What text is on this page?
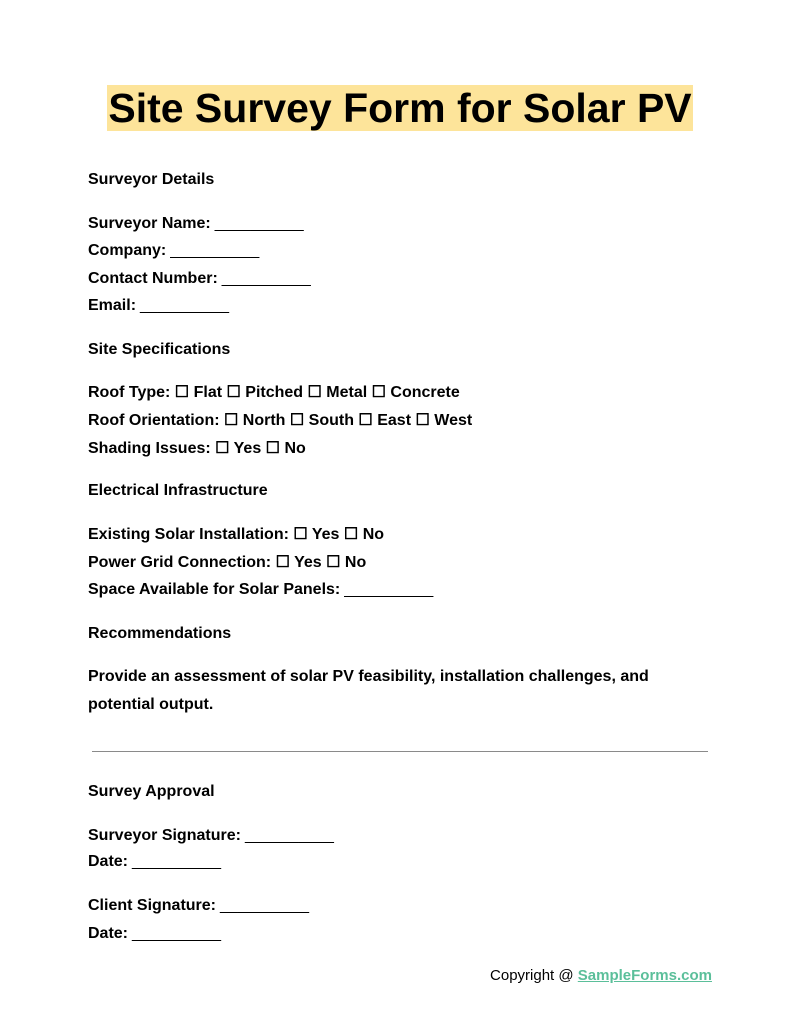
Site Survey Form for Solar PV
Surveyor Details
Surveyor Name: __________
Company: __________
Contact Number: __________
Email: __________
Site Specifications
Roof Type: ☐ Flat ☐ Pitched ☐ Metal ☐ Concrete
Roof Orientation: ☐ North ☐ South ☐ East ☐ West
Shading Issues: ☐ Yes ☐ No
Electrical Infrastructure
Existing Solar Installation: ☐ Yes ☐ No
Power Grid Connection: ☐ Yes ☐ No
Space Available for Solar Panels: __________
Recommendations
Provide an assessment of solar PV feasibility, installation challenges, and potential output.
Survey Approval
Surveyor Signature: __________
Date: __________
Client Signature: __________
Date: __________
Copyright @ SampleForms.com
